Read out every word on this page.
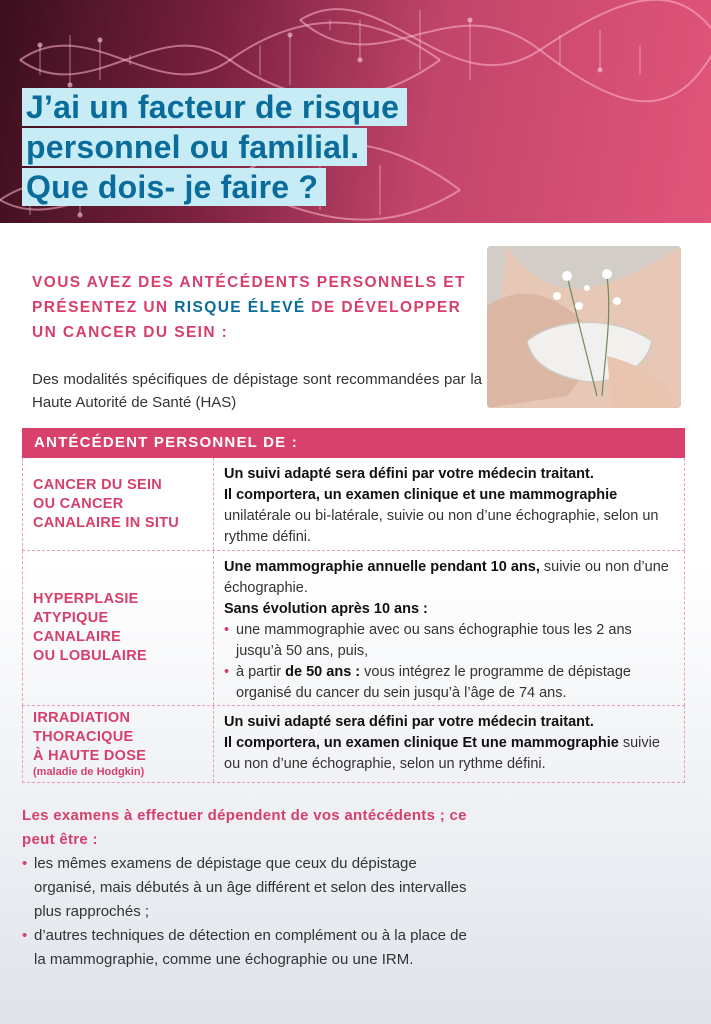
J’ai un facteur de risque
personnel ou familial.
Que dois- je faire ?
VOUS AVEZ DES ANTÉCÉDENTS PERSONNELS ET PRÉSENTEZ UN RISQUE ÉLEVÉ DE DÉVELOPPER UN CANCER DU SEIN :
Des modalités spécifiques de dépistage sont recommandées par la Haute Autorité de Santé (HAS)
ANTÉCÉDENT PERSONNEL DE :
CANCER DU SEIN
OU CANCER
CANALAIRE IN SITU
Un suivi adapté sera défini par votre médecin traitant.
Il comportera, un examen clinique et une mammographie unilatérale ou bi-latérale, suivie ou non d’une échographie, selon un rythme défini.
HYPERPLASIE
ATYPIQUE
CANALAIRE
OU LOBULAIRE
Une mammographie annuelle pendant 10 ans, suivie ou non d’une échographie.
Sans évolution après 10 ans :
• une mammographie avec ou sans échographie tous les 2 ans jusqu’à 50 ans, puis,
• à partir de 50 ans : vous intégrez le programme de dépistage organisé du cancer du sein jusqu’à l’âge de 74 ans.
IRRADIATION
THORACIQUE
À HAUTE DOSE
(maladie de Hodgkin)
Un suivi adapté sera défini par votre médecin traitant.
Il comportera, un examen clinique Et une mammographie suivie ou non d’une échographie, selon un rythme défini.
Les examens à effectuer dépendent de vos antécédents ; ce peut être :
• les mêmes examens de dépistage que ceux du dépistage organisé, mais débutés à un âge différent et selon des intervalles plus rapprochés ;
• d’autres techniques de détection en complément ou à la place de la mammographie, comme une échographie ou une IRM.
